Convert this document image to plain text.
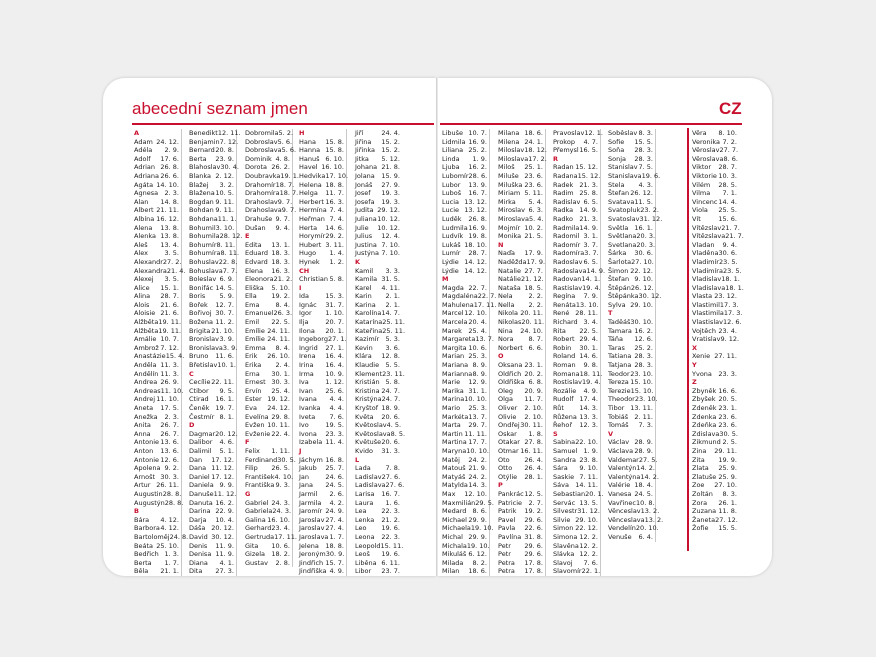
abecední seznam jmen	CZ
A
Adam 24. 12.
Adéla 2. 9.
Adolf 17. 6.
Adrian 26. 8.
Adriana 26. 6.
Agáta 14. 10.
Agnesa 2. 3.
Alan 14. 8.
Albert 21. 11.
Albína 16. 12.
Alena 13. 8.
Alenka 13. 8.
Aleš 13. 4.
Alex	3. 5.
Alexandr 27. 2.
Alexandra 21. 4.
Alexej 3. 5.
Alice 15. 1.
Alina 28. 7.
Alois 21. 6.
Aloisie 21. 6.
Alžběta 19. 11.
Alžběta 19. 11.
Amálie 10. 7.
Ambrož 7. 12.
Anastázie 15. 4.
Anděla 11. 3.
Andělín 11. 3.
Andrea 26. 9.
Andreas 11. 10.
Andrej 11. 10.
Aneta 17. 5.
Anežka 2. 3.
Anita 26. 7.
Anna 26. 7.
Antonie 13. 6.
Anton 13. 6.
Antonie 12. 6.
Apolena 9. 2.
Arnošt 30. 3.
Artur 26. 11.
Augustin 28. 8.
Augustýn 28. 8.
B
Bára 4. 12.
Barbora 4. 12.
Bartoloměj 24. 8.
Beáta 25. 10.
Bedřich 1. 3.
Berta 1. 7.
Běla 21. 1.
Benedikt 12. 11.
Benjamin 7. 12.
Bernard 20. 8.
Berta 23. 9.
Blahoslav 30. 4.
Blanka 2. 12.
Blažej 3. 2.
Blažena 10. 5.
Bogdan 9. 11.
Bohdan 9. 11.
Bohdana 11. 1.
Bohumil 3. 10.
Bohumila 28. 12.
Bohumír 8. 11.
Bohumíra 8. 11.
Bohuslav 22. 8.
Bohuslava 7. 7.
Boleslav 6. 9.
Bonifác 14. 5.
Boris 5. 9.
Bořek 12. 7.
Bořivoj 30. 7.
Božena 11. 2.
Brigita 21. 10.
Bronislav 3. 9.
Bronislava 3. 9.
Bruno 11. 6.
Břetislav 10. 1.
C
Cecílie 22. 11.
Ctibor 9. 5.
Ctirad 16. 1.
Čeněk 19. 7.
Čestmír 8. 1.
D
Dagmar 20. 12.
Dalibor 4. 6.
Dalimil 5. 1.
Dan 17. 12.
Dana 11. 12.
Daniel 17. 12.
Daniela 9. 9.
Danuše 11. 12.
Danuta 16. 2.
Darina 22. 9.
Darja 10. 4.
Dáša 20. 12.
David 30. 12.
Denis 11. 9.
Denisa 11. 9.
Diana 4. 1.
Dita 27. 3.
Dobromila 5. 2.
Dobroslav 5. 6.
Dobroslava 5. 6.
Dominik 4. 8.
Dorota 26. 2.
Doubravka 19. 1.
Drahomír 18. 7.
Drahomíra 18. 7.
Drahoslav 9. 7.
Drahoslava 9. 7.
Drahuše 9. 7.
Dušan 9. 4.
E
Edita 13. 1.
Eduard 18. 3.
Edvard 18. 3.
Elena 16. 3.
Eleonora 21. 2.
Eliška 5. 10.
Ella 19. 2.
Ema 8. 4.
Emanuel 26. 3.
Emil 22. 5.
Emílie 24. 11.
Emílie 24. 11.
Emma 8. 4.
Erik 26. 10.
Erika 2. 4.
Erna 30. 1.
Ernest 30. 3.
Ervín 25. 4.
Ester 19. 12.
Eva 24. 12.
Evelína 29. 8.
Evžen 10. 11.
Evženie 22. 4.
F
Felix 1. 11.
Ferdinand 30. 5.
Filip 26. 5.
František 4. 10.
Františka 9. 3.
G
Gabriel 24. 3.
Gabriela 24. 3.
Galina 16. 10.
Gerhard 23. 4.
Gertruda 17. 11.
Gita 10. 6.
Gizela 18. 2.
Gustav 2. 8.
H
Hana 15. 8.
Hanna 15. 8.
Hanuš 6. 10.
Havel 16. 10.
Hedvika 17. 10.
Helena 18. 8.
Helga 11. 7.
Herbert 16. 3.
Hermína 7. 4.
Heřman 7. 4.
Herta 14. 6.
Horymír 29. 2.
Hubert 3. 11.
Hugo 1. 4.
Hynek 1. 2.
CH
Christian 5. 8.
I
Ida	15. 3.
Ignác 31. 7.
Igor 1. 10.
Ilja	20. 7.
Ilona 20. 1.
Ingeborg 27. 1.
Ingrid 27. 1.
Irena 16. 4.
Irina 16. 4.
Irma 10. 9.
Iva	1. 12.
Ivan 25. 6.
Ivana 4. 4.
Ivanka 4. 4.
Iveta 7. 6.
Ivo	19. 5.
Ivona 23. 3.
Izabela 11. 4.
J
Jáchym 16. 8.
Jakub 25. 7.
Jan	24. 6.
Jana 24. 5.
Jarmil 2. 6.
Jarmila 4. 2.
Jaromír 24. 9.
Jaroslav 27. 4.
Jaroslav 27. 4.
Jaroslava 1. 7.
Jelena 18. 8.
Jeroným 30. 9.
Jindřich 15. 7.
Jindřiška 4. 9.
Jiří	24. 4.
Jiřina 15. 2.
Jiřinka 15. 2.
Jitka 5. 12.
Johana 21. 8.
Jolana 15. 9.
Jonáš 27. 9.
Josef 19. 3.
Josefa 19. 3.
Judita 29. 12.
Juliana 10. 12.
Julie 10. 12.
Julius 12. 4.
Justina 7. 10.
Justýna 7. 10.
K
Kamil 3. 3.
Kamila 31. 5.
Karel 4. 11.
Karin 2. 1.
Karina 2. 1.
Karolína 14. 7.
Katarína 25. 11.
Kateřina 25. 11.
Kazimír 5. 3.
Kevin 3. 6.
Klára 12. 8.
Klaudie 5. 5.
Klement 23. 11.
Kristián 5. 8.
Kristina 24. 7.
Kristýna 24. 7.
Kryštof 18. 9.
Květa 20. 6.
Květoslav 4. 5.
Květoslava 8. 5.
Květuše 20. 6.
Kvido 31. 3.
L
Lada 7. 8.
Ladislav 27. 6.
Ladislava 27. 6.
Larisa 16. 7.
Laura 1. 6.
Lea 22. 3.
Lenka 21. 2.
Leo 19. 6.
Leona 22. 3.
Leopold 15. 11.
Leoš 19. 6.
Liběna 6. 11.
Libor 23. 7.
Libuše 10. 7.
Lidmila 16. 9.
Liliana 25. 2.
Linda 1. 9.
Ljuba 16. 2.
Lubomír 28. 6.
Lubor 13. 9.
Luboš 16. 7.
Lucia 13. 12.
Lucie 13. 12.
Luděk 26. 8.
Ludmila 16. 9.
Ludvík 19. 8.
Lukáš 18. 10.
Lumír 28. 7.
Lýdie 14. 12.
Lýdie 14. 12.
M
Magda 22. 7.
Magdaléna 22. 7.
Mahulena 17. 11.
Marcel 12. 10.
Marcela 20. 4.
Marek 25. 4.
Margareta 13. 7.
Margita 10. 6.
Marian 25. 3.
Mariana 8. 9.
Marianna 8. 9.
Marie 12. 9.
Marika 31. 1.
Marina 10. 10.
Mario 25. 3.
Markéta 13. 7.
Marta 29. 7.
Martin 11. 11.
Martina 17. 7.
Maryna 10. 10.
Matěj 24. 2.
Matouš 21. 9.
Matyáš 24. 2.
Matylda 14. 3.
Max 12. 10.
Maxmilián 29. 5.
Medard 8. 6.
Michael 29. 9.
Michaela 19. 10.
Michal 29. 9.
Michala 19. 10.
Mikuláš 6. 12.
Milada 8. 2.
Milan 18. 6.
Milana 18. 6.
Milena 24. 1.
Miloslav 18. 12.
Miloslava 17. 2.
Miloš 25. 1.
Miluše 23. 6.
Miluška 23. 6.
Miriam 5. 11.
Mirka 5. 4.
Miroslav 6. 3.
Miroslava 5. 4.
Mojmír 10. 2.
Monika 21. 5.
N
Naďa 17. 9.
Naděžda 17. 9.
Natalie 27. 7.
Natálie 21. 12.
Nataša 18. 5.
Nela 2. 2.
Nella 2. 2.
Nikola 20. 11.
Nikolas 20. 11.
Nina 24. 10.
Nora 8. 7.
Norbert 6. 6.
O
Oksana 23. 1.
Oldřich 20. 2.
Oldřiška 6. 8.
Oleg 20. 9.
Olga 11. 7.
Oliver 2. 10.
Olivie 2. 10.
Ondřej 30. 11.
Oskar 1. 8.
Otakar 27. 8.
Otmar 16. 11.
Oto 26. 4.
Otto 26. 4.
Otýlie 28. 1.
P
Pankrác 12. 5.
Patricie 2. 7.
Patrik 19. 2.
Pavel 29. 6.
Pavla 22. 6.
Pavlína 31. 8.
Petr 29. 6.
Petr 29. 6.
Petra 17. 8.
Petra 17. 8.
Pravoslav 12. 1.
Prokop 4. 7.
Přemysl 16. 5.
R
Radan 15. 12.
Radana 15. 12.
Radek 21. 3.
Radim 25. 8.
Radislav 6. 5.
Radka 14. 9.
Radko 21. 3.
Radmila 14. 9.
Radomil 3. 1.
Radomír 3. 7.
Radomíra 3. 7.
Radoslav 6. 5.
Radoslava 14. 9.
Radovan 14. 1.
Rastislav 19. 4.
Regína 7. 9.
Renáta 13. 10.
René 28. 11.
Richard 3. 4.
Rita 22. 5.
Robert 29. 4.
Robin 30. 1.
Roland 14. 6.
Roman 9. 8.
Romana 18. 11.
Rostislav 19. 4.
Rozálie 4. 9.
Rudolf 17. 4.
Růt 14. 3.
Růžena 13. 3.
Řehoř 12. 3.
S
Sabina 22. 10.
Samuel 1. 9.
Sandra 23. 8.
Sára 9. 10.
Saskie 7. 11.
Sáva 14. 11.
Sebastian 20. 1.
Servác 13. 5.
Silvestr 31. 12.
Silvie 29. 10.
Simon 22. 12.
Simona 12. 2.
Slavěna 12. 2.
Slávka 12. 2.
Slavoj 7. 6.
Slavomír 22. 1.
Soběslav 8. 3.
Sofie 15. 5.
Soňa 28. 3.
Sonja 28. 3.
Stanislav 7. 5.
Stanislava 19. 6.
Stela 4. 3.
Štefan 26. 12.
Svatava 11. 5.
Svatopluk 23. 2.
Svatoslav 31. 12.
Světla 16. 1.
Světlana 20. 3.
Svetlana 20. 3.
Šárka 30. 6.
Šarlota 27. 10.
Šimon 22. 12.
Štefan 9. 10.
Štěpán 26. 12.
Štěpánka 30. 12.
Sylva 29. 10.
T
Taděáš 30. 10.
Tamara 16. 2.
Táňa 12. 6.
Taras 25. 2.
Tatiana 28. 3.
Tatjana 28. 3.
Teodor 23. 10.
Tereza 15. 10.
Terezie 15. 10.
Theodor 23. 10.
Tibor 13. 11.
Tobiáš 2. 11.
Tomáš 7. 3.
V
Václav 28. 9.
Václava 28. 9.
Valdemar 27. 5.
Valentýn 14. 2.
Valentýna 14. 2.
Valérie 18. 4.
Vanesa 24. 5.
Vavřinec 10. 8.
Věnceslav 13. 2.
Věnceslava 13. 2.
Vendelín 20. 10.
Venuše 6. 4.
Věra 8. 10.
Veronika 7. 2.
Věroslav 27. 7.
Věroslava 8. 6.
Viktor 28. 7.
Viktorie 10. 3.
Vilém 28. 5.
Vilma 7. 1.
Vincenc 14. 4.
Viola 25. 5.
Vít	15. 6.
Vítězslav 21. 7.
Vítězslava 21. 7.
Vladan 9. 4.
Vladěna 30. 6.
Vladimír 23. 5.
Vladimíra 23. 5.
Vladislav 18. 1.
Vladislava 18. 1.
Vlasta 23. 12.
Vlastimil 17. 3.
Vlastimila 17. 3.
Vlastislav 12. 6.
Vojtěch 23. 4.
Vratislav 9. 12.
X
Xenie 27. 11.
Y
Yvona 23. 3.
Z
Zbyněk 16. 6.
Zbyšek 20. 5.
Zdeněk 23. 1.
Zdenka 23. 6.
Zdeňka 23. 6.
Zdislava 30. 5.
Zikmund 2. 5.
Zina 29. 11.
Zita 19. 9.
Zlata 25. 9.
Zlatuše 25. 9.
Zoe 27. 10.
Zoltán 8. 3.
Zora 26. 1.
Zuzana 11. 8.
Žaneta 27. 12.
Žofie 15. 5.
